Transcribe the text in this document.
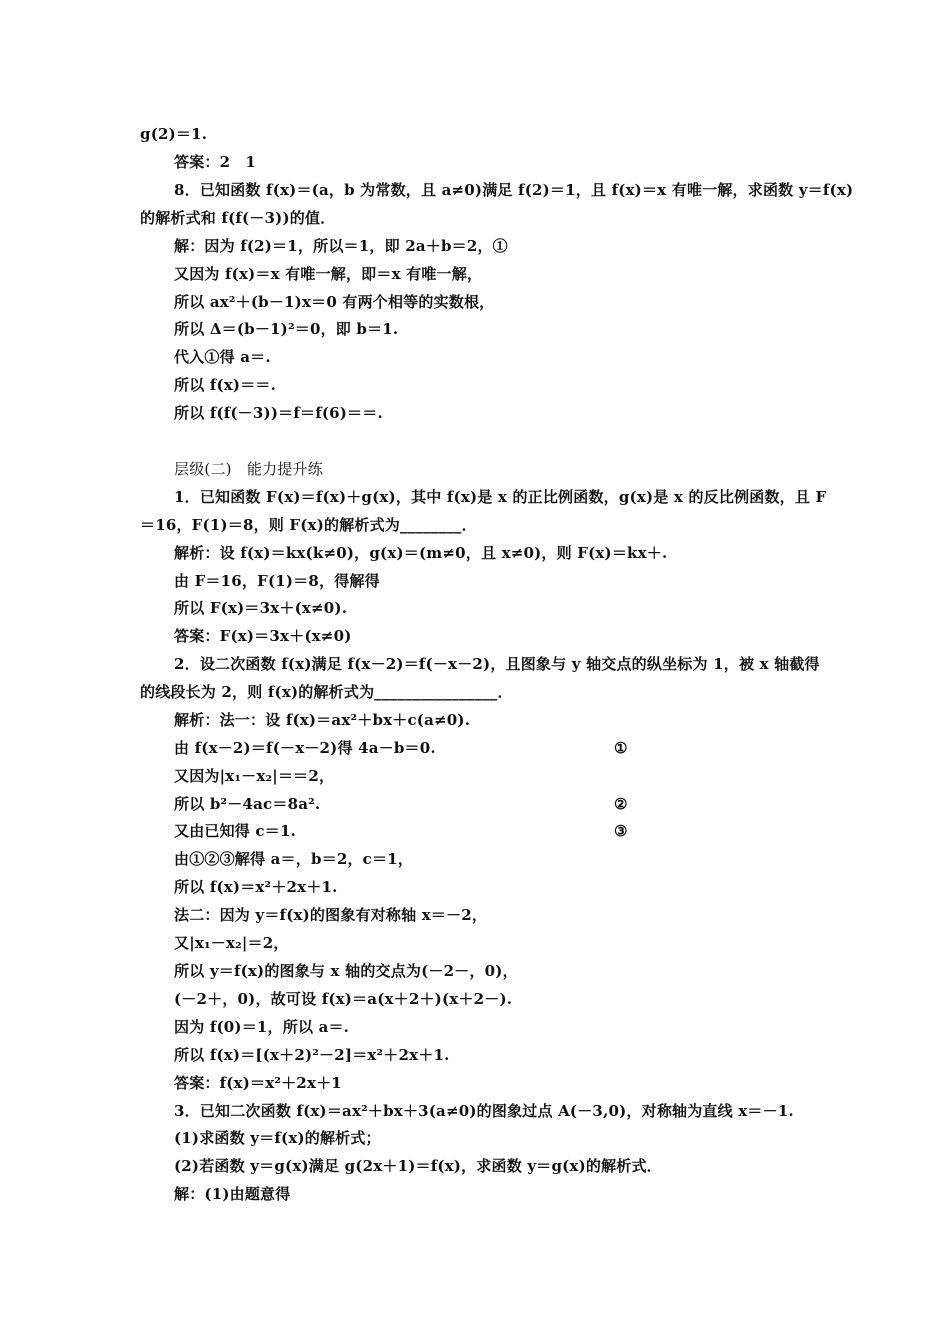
g(2)＝1.
答案：2　1
8．已知函数 f(x)＝(a，b 为常数，且 a≠0)满足 f(2)＝1，且 f(x)＝x 有唯一解，求函数 y＝f(x)
的解析式和 f(f(－3))的值．
解：因为 f(2)＝1，所以＝1，即 2a＋b＝2，①
又因为 f(x)＝x 有唯一解，即＝x 有唯一解，
所以 ax²＋(b－1)x＝0 有两个相等的实数根，
所以 Δ＝(b－1)²＝0，即 b＝1.
代入①得 a＝.
所以 f(x)＝＝.
所以 f(f(－3))＝f＝f(6)＝＝.
层级(二)　能力提升练
1．已知函数 F(x)＝f(x)＋g(x)，其中 f(x)是 x 的正比例函数，g(x)是 x 的反比例函数，且 F
＝16，F(1)＝8，则 F(x)的解析式为________．
解析：设 f(x)＝kx(k≠0)，g(x)＝(m≠0，且 x≠0)，则 F(x)＝kx＋.
由 F＝16，F(1)＝8，得解得
所以 F(x)＝3x＋(x≠0).
答案：F(x)＝3x＋(x≠0)
2．设二次函数 f(x)满足 f(x－2)＝f(－x－2)，且图象与 y 轴交点的纵坐标为 1，被 x 轴截得
的线段长为 2，则 f(x)的解析式为________________．
解析：法一：设 f(x)＝ax²＋bx＋c(a≠0).
由 f(x－2)＝f(－x－2)得 4a－b＝0.	①
又因为|x₁－x₂|＝＝2，
所以 b²－4ac＝8a².	②
又由已知得 c＝1.	③
由①②③解得 a＝，b＝2，c＝1，
所以 f(x)＝x²＋2x＋1.
法二：因为 y＝f(x)的图象有对称轴 x＝－2，
又|x₁－x₂|＝2，
所以 y＝f(x)的图象与 x 轴的交点为(－2－，0)，
(－2＋，0)，故可设 f(x)＝a(x＋2＋)(x＋2－).
因为 f(0)＝1，所以 a＝.
所以 f(x)＝[(x＋2)²－2]＝x²＋2x＋1.
答案：f(x)＝x²＋2x＋1
3．已知二次函数 f(x)＝ax²＋bx＋3(a≠0)的图象过点 A(－3,0)，对称轴为直线 x＝－1.
(1)求函数 y＝f(x)的解析式；
(2)若函数 y＝g(x)满足 g(2x＋1)＝f(x)，求函数 y＝g(x)的解析式．
解：(1)由题意得
